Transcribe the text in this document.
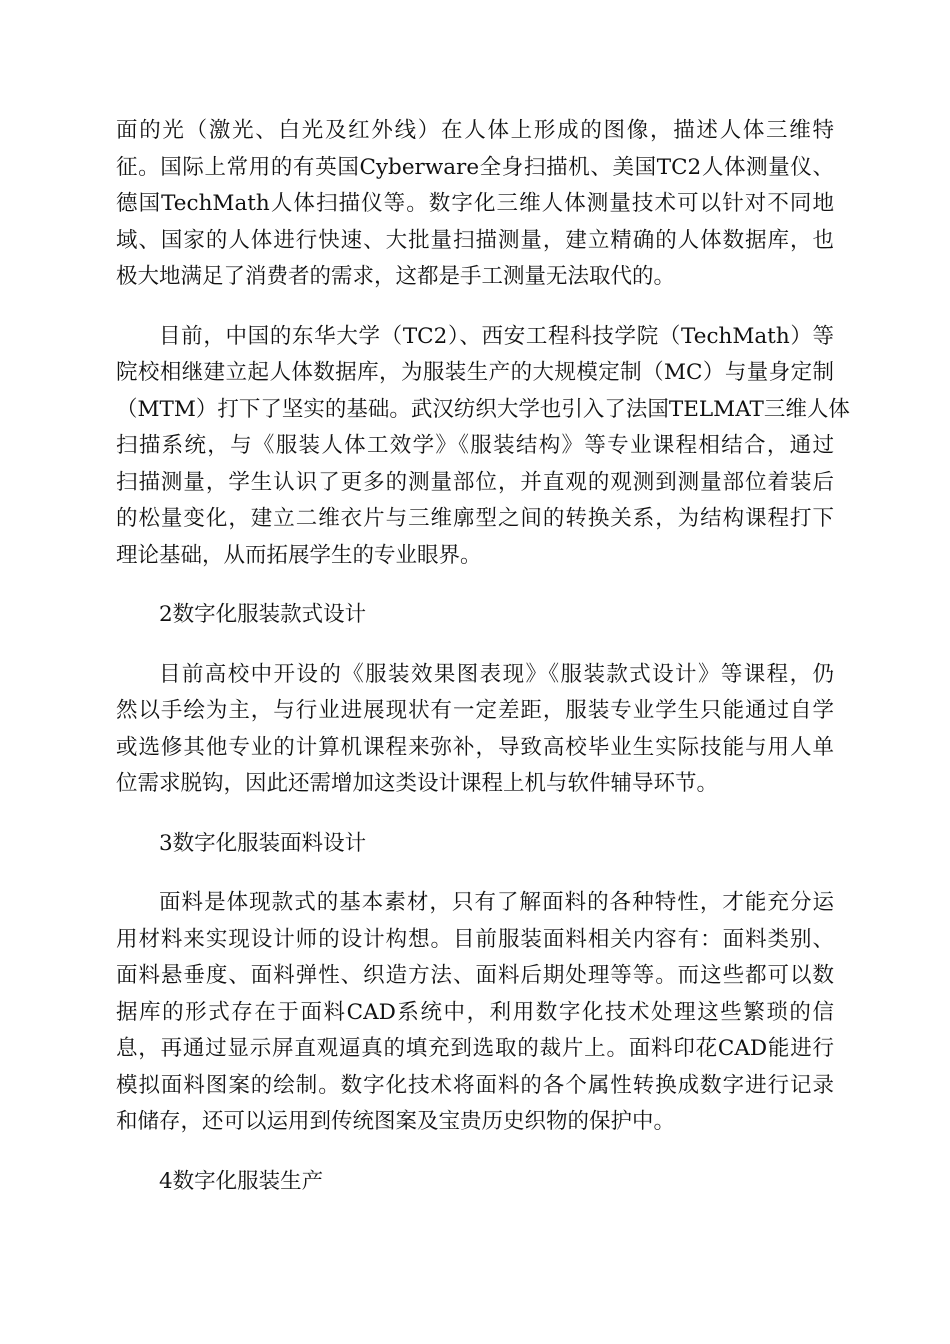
面的光（激光、白光及红外线）在人体上形成的图像，描述人体三维特
征。国际上常用的有英国Cyberware全身扫描机、美国TC2人体测量仪、
德国TechMath人体扫描仪等。数字化三维人体测量技术可以针对不同地
域、国家的人体进行快速、大批量扫描测量，建立精确的人体数据库，也
极大地满足了消费者的需求，这都是手工测量无法取代的。
目前，中国的东华大学（TC2）、西安工程科技学院（TechMath）等
院校相继建立起人体数据库，为服装生产的大规模定制（MC）与量身定制
（MTM）打下了坚实的基础。武汉纺织大学也引入了法国TELMAT三维人体
扫描系统，与《服装人体工效学》《服装结构》等专业课程相结合，通过
扫描测量，学生认识了更多的测量部位，并直观的观测到测量部位着装后
的松量变化，建立二维衣片与三维廓型之间的转换关系，为结构课程打下
理论基础，从而拓展学生的专业眼界。
2数字化服装款式设计
目前高校中开设的《服装效果图表现》《服装款式设计》等课程，仍
然以手绘为主，与行业进展现状有一定差距，服装专业学生只能通过自学
或选修其他专业的计算机课程来弥补，导致高校毕业生实际技能与用人单
位需求脱钩，因此还需增加这类设计课程上机与软件辅导环节。
3数字化服装面料设计
面料是体现款式的基本素材，只有了解面料的各种特性，才能充分运
用材料来实现设计师的设计构想。目前服装面料相关内容有：面料类别、
面料悬垂度、面料弹性、织造方法、面料后期处理等等。而这些都可以数
据库的形式存在于面料CAD系统中，利用数字化技术处理这些繁琐的信
息，再通过显示屏直观逼真的填充到选取的裁片上。面料印花CAD能进行
模拟面料图案的绘制。数字化技术将面料的各个属性转换成数字进行记录
和储存，还可以运用到传统图案及宝贵历史织物的保护中。
4数字化服装生产
